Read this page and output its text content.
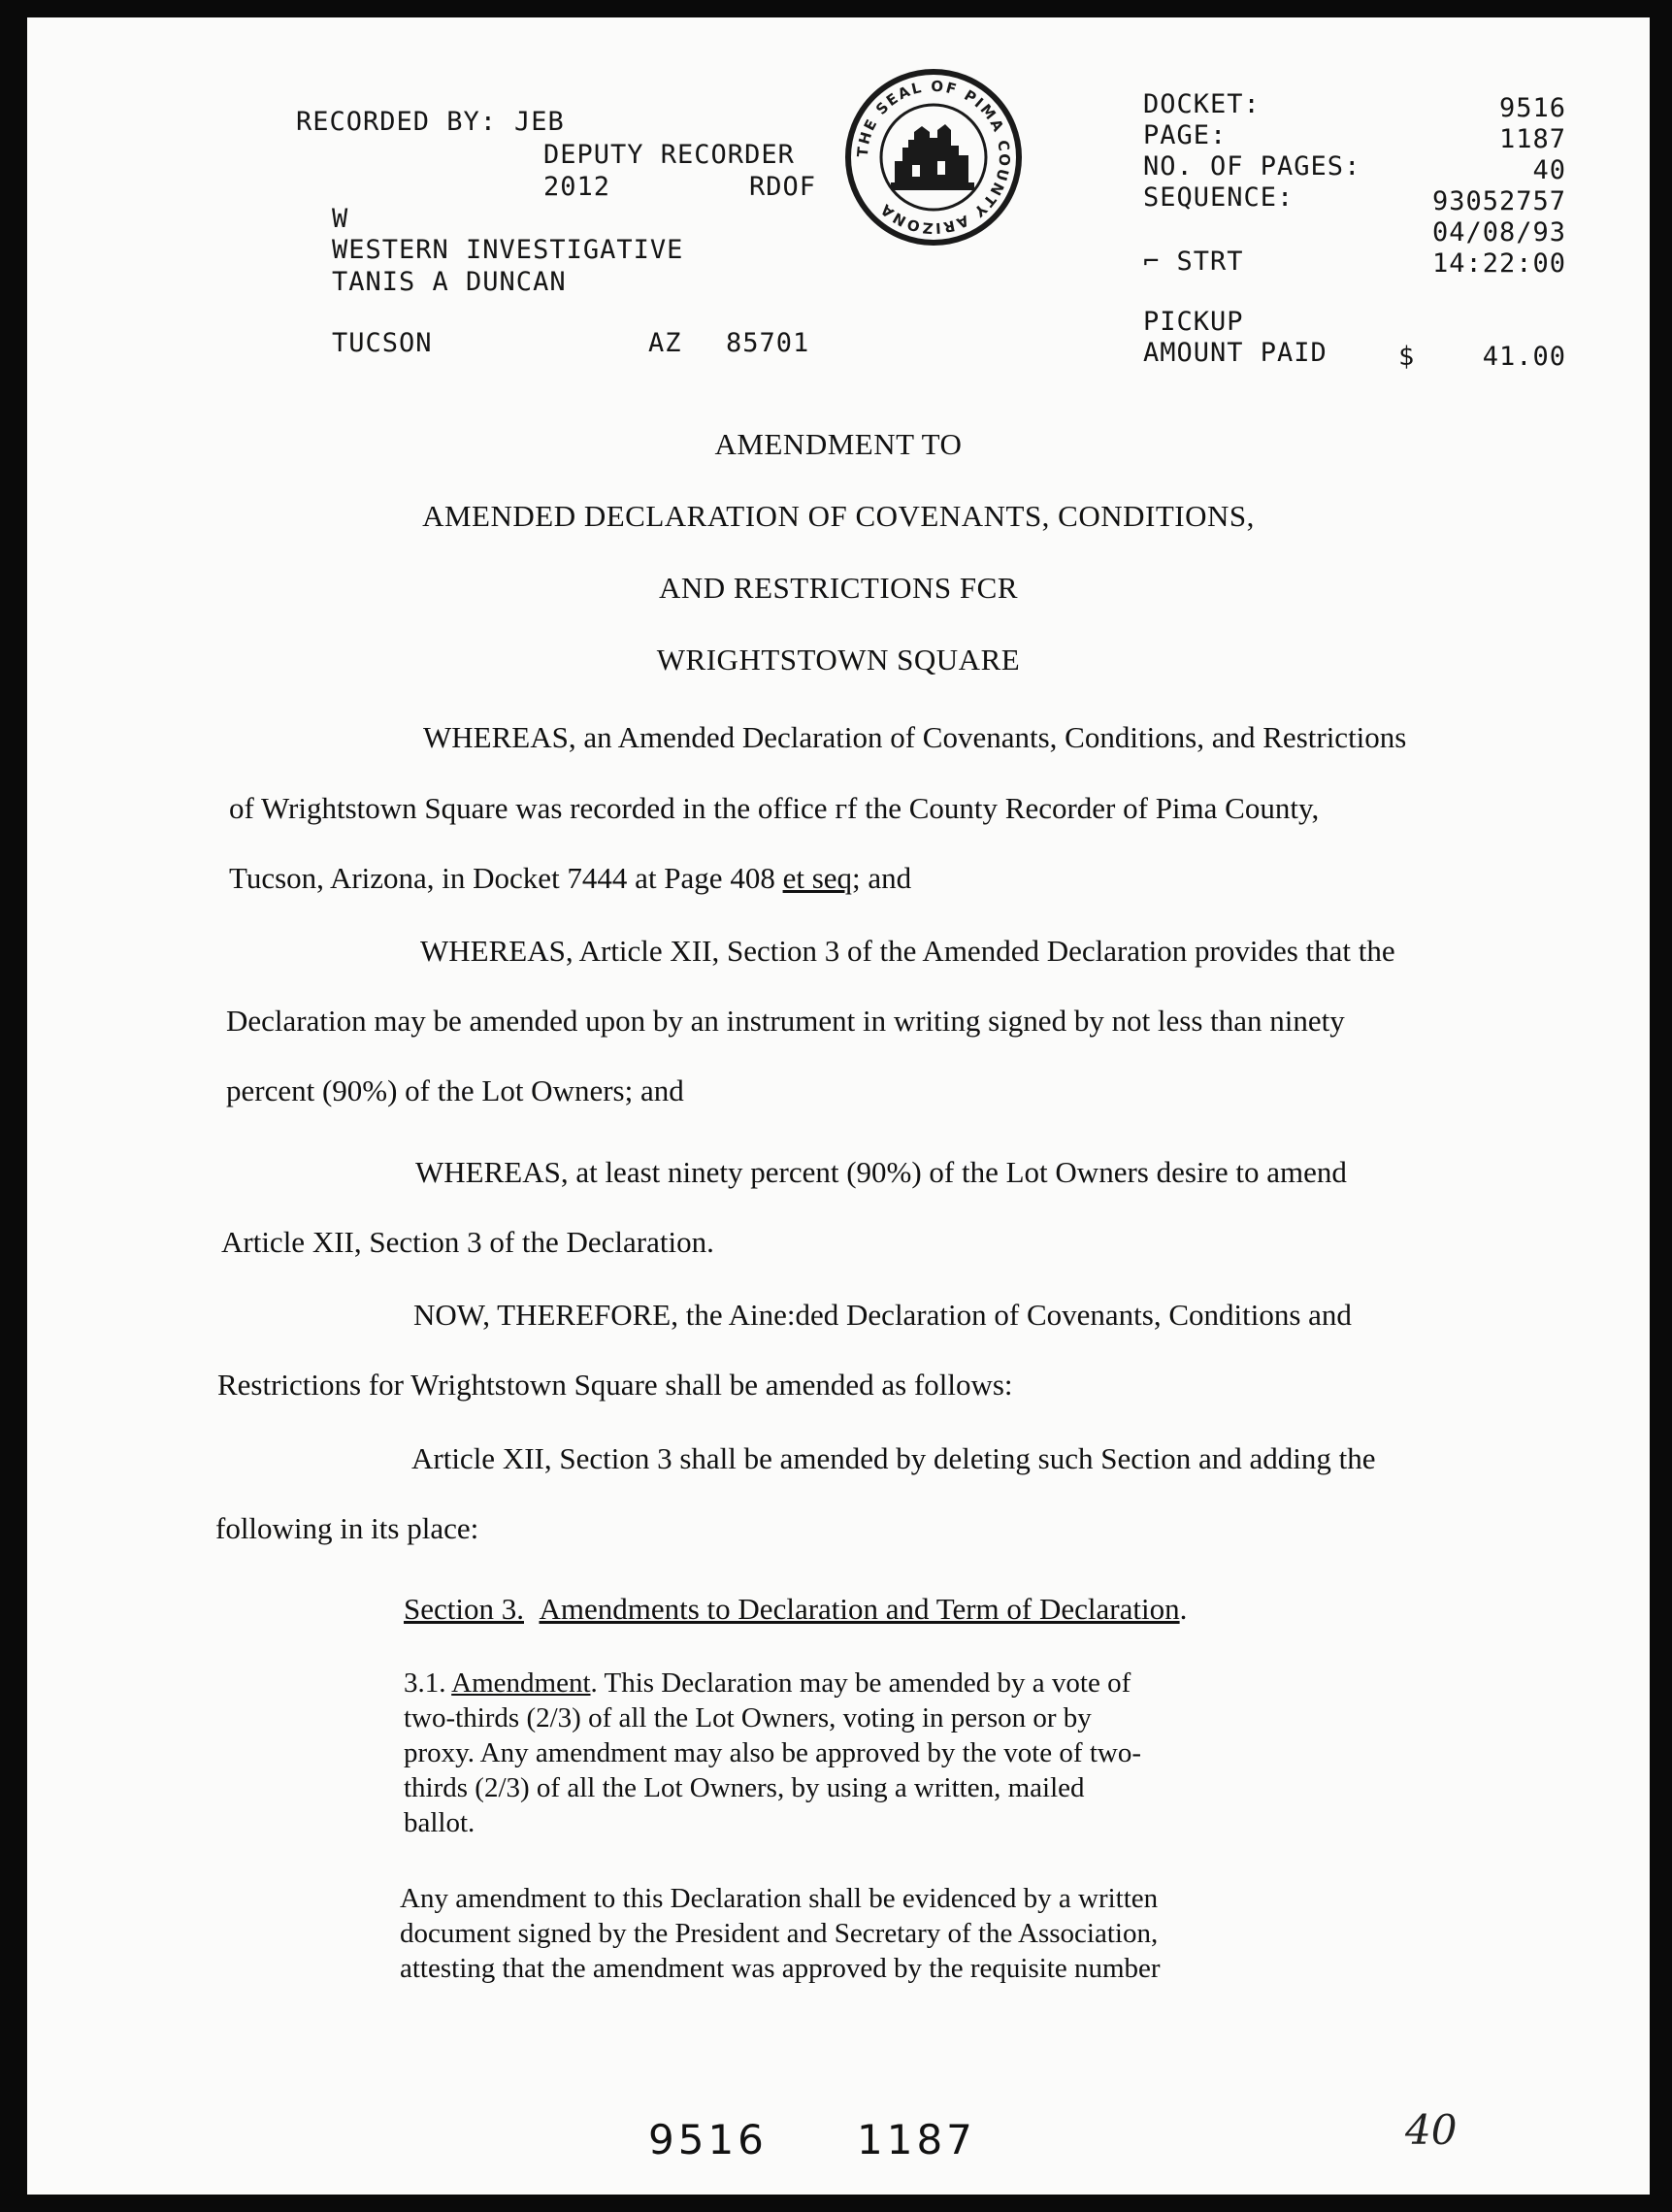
RECORDED BY: JEB
DEPUTY RECORDER
2012	RDOF
W
WESTERN INVESTIGATIVE
TANIS A DUNCAN
TUCSON	AZ 85701
THE SEAL OF PIMA COUNTY ARIZONA
DOCKET:	9516
PAGE:	1187
NO. OF PAGES:	40
SEQUENCE:	93052757
04/08/93
⌐ STRT	14:22:00
PICKUP
AMOUNT PAID	$	41.00
AMENDMENT TO
AMENDED DECLARATION OF COVENANTS, CONDITIONS,
AND RESTRICTIONS FCR
WRIGHTSTOWN SQUARE
WHEREAS, an Amended Declaration of Covenants, Conditions, and Restrictions
of Wrightstown Square was recorded in the office гf the County Recorder of Pima County,
Tucson, Arizona, in Docket 7444 at Page 408 et seq; and
WHEREAS, Article XII, Section 3 of the Amended Declaration provides that the
Declaration may be amended upon by an instrument in writing signed by not less than ninety
percent (90%) of the Lot Owners; and
WHEREAS, at least ninety percent (90%) of the Lot Owners desire to amend
Article XII, Section 3 of the Declaration.
NOW, THEREFORE, the Aine:ded Declaration of Covenants, Conditions and
Restrictions for Wrightstown Square shall be amended as follows:
Article XII, Section 3 shall be amended by deleting such Section and adding the
following in its place:
Section 3. Amendments to Declaration and Term of Declaration.
3.1. Amendment. This Declaration may be amended by a vote of
two-thirds (2/3) of all the Lot Owners, voting in person or by
proxy. Any amendment may also be approved by the vote of two-
thirds (2/3) of all the Lot Owners, by using a written, mailed
ballot.
Any amendment to this Declaration shall be evidenced by a written
document signed by the President and Secretary of the Association,
attesting that the amendment was approved by the requisite number
9516 1187	40
